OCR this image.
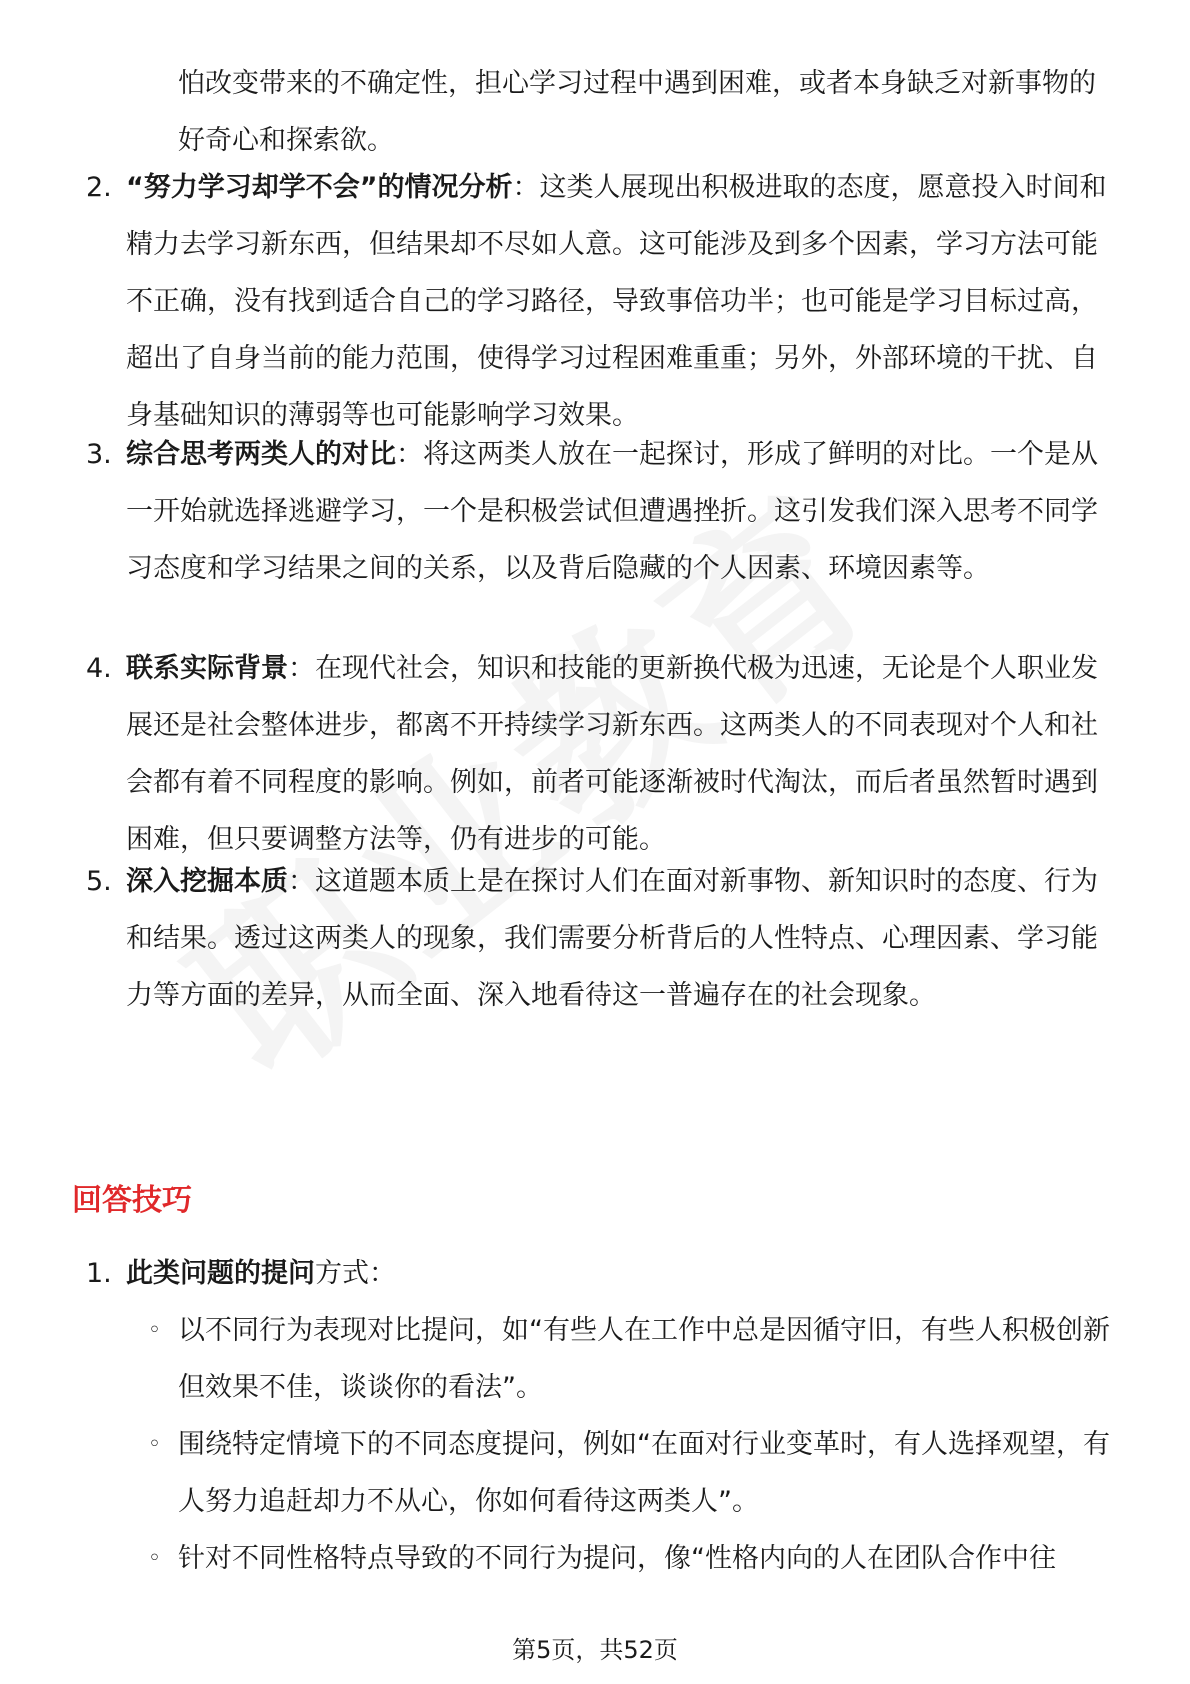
怕改变带来的不确定性，担心学习过程中遇到困难，或者本身缺乏对新事物的好奇心和探索欲。

2. “努力学习却学不会”的情况分析：这类人展现出积极进取的态度，愿意投入时间和精力去学习新东西，但结果却不尽如人意。这可能涉及到多个因素，学习方法可能不正确，没有找到适合自己的学习路径，导致事倍功半；也可能是学习目标过高，超出了自身当前的能力范围，使得学习过程困难重重；另外，外部环境的干扰、自身基础知识的薄弱等也可能影响学习效果。

3. 综合思考两类人的对比：将这两类人放在一起探讨，形成了鲜明的对比。一个是从一开始就选择逃避学习，一个是积极尝试但遭遇挫折。这引发我们深入思考不同学习态度和学习结果之间的关系，以及背后隐藏的个人因素、环境因素等。

4. 联系实际背景：在现代社会，知识和技能的更新换代极为迅速，无论是个人职业发展还是社会整体进步，都离不开持续学习新东西。这两类人的不同表现对个人和社会都有着不同程度的影响。例如，前者可能逐渐被时代淘汰，而后者虽然暂时遇到困难，但只要调整方法等，仍有进步的可能。

5. 深入挖掘本质：这道题本质上是在探讨人们在面对新事物、新知识时的态度、行为和结果。透过这两类人的现象，我们需要分析背后的人性特点、心理因素、学习能力等方面的差异，从而全面、深入地看待这一普遍存在的社会现象。

回答技巧
1. 此类问题的提问方式：

◦ 以不同行为表现对比提问，如“有些人在工作中总是因循守旧，有些人积极创新但效果不佳，谈谈你的看法”。
◦ 围绕特定情境下的不同态度提问，例如“在面对行业变革时，有人选择观望，有人努力追赶却力不从心，你如何看待这两类人”。
◦ 针对不同性格特点导致的不同行为提问，像“性格内向的人在团队合作中往
第5页，共52页
